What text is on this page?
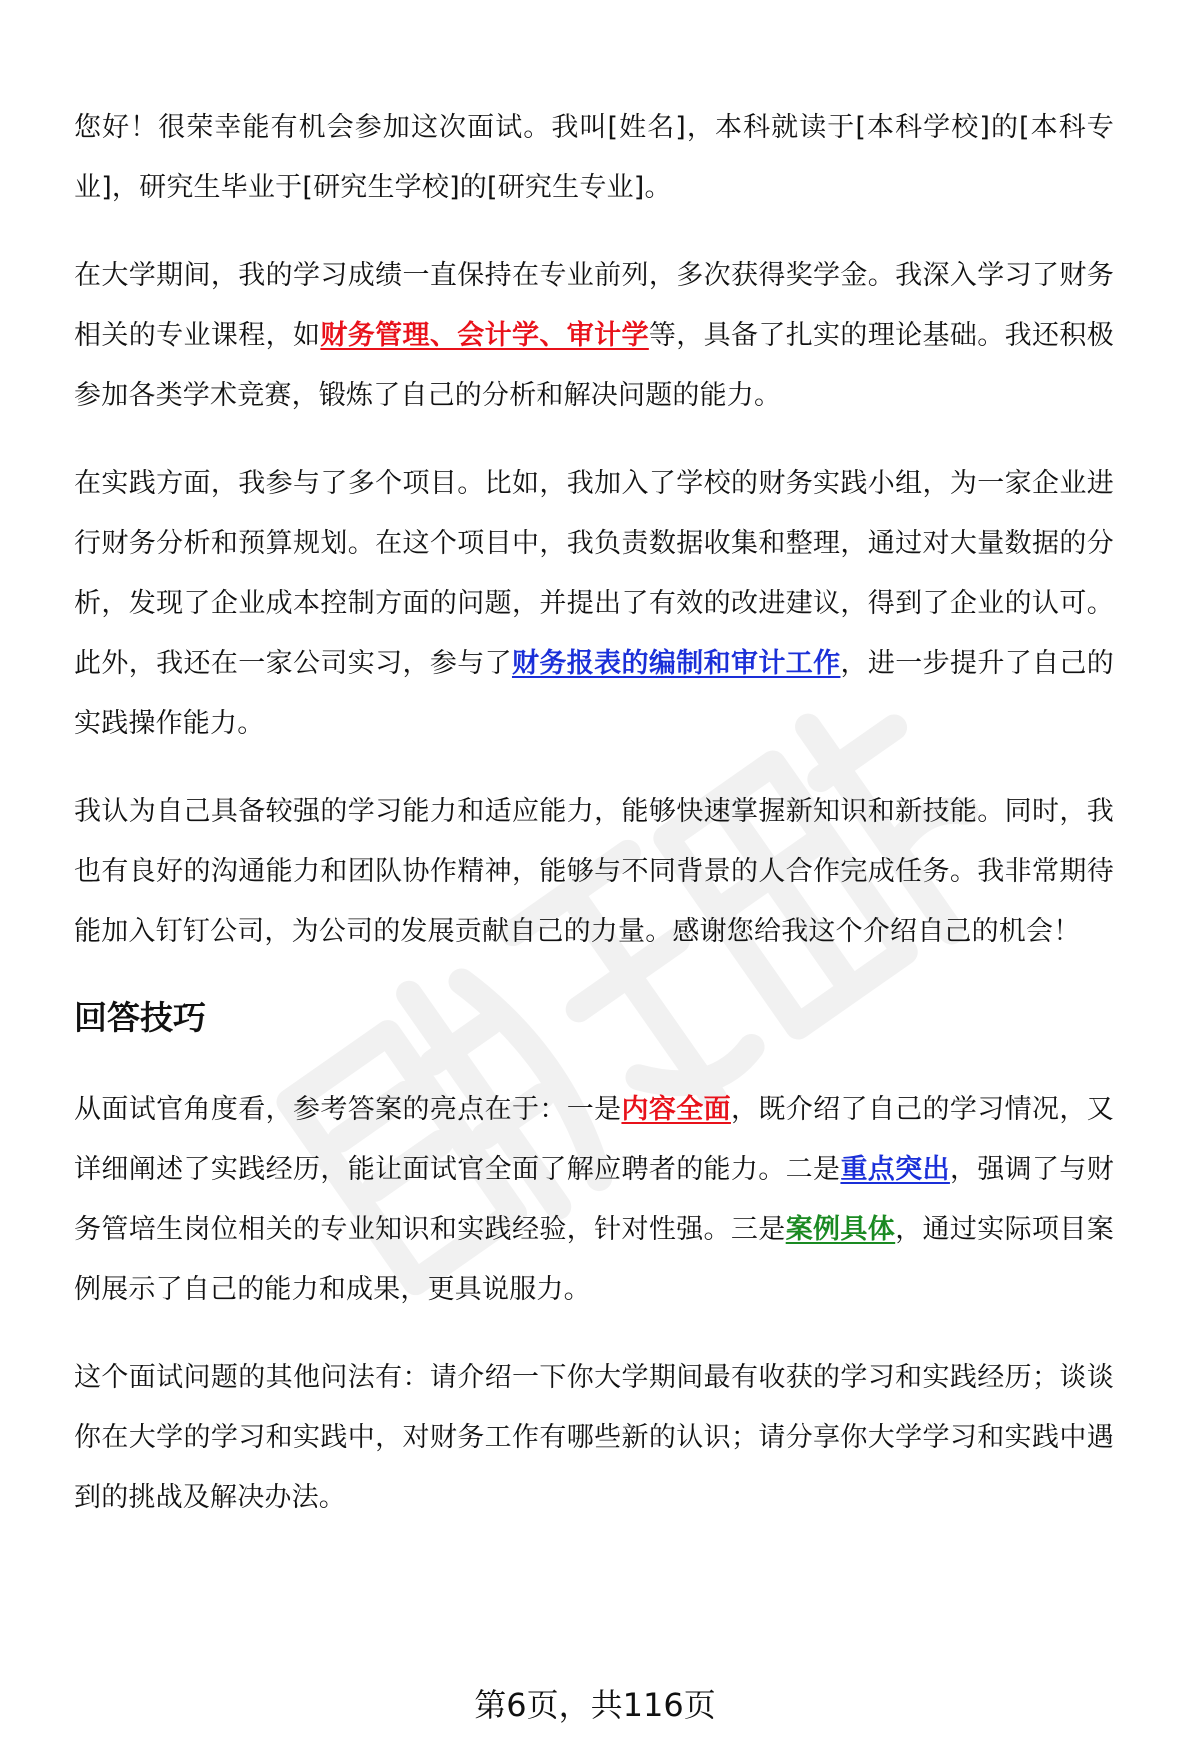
您好！很荣幸能有机会参加这次面试。我叫[姓名]，本科就读于[本科学校]的[本科专业]，研究生毕业于[研究生学校]的[研究生专业]。

在大学期间，我的学习成绩一直保持在专业前列，多次获得奖学金。我深入学习了财务相关的专业课程，如财务管理、会计学、审计学等，具备了扎实的理论基础。我还积极参加各类学术竞赛，锻炼了自己的分析和解决问题的能力。

在实践方面，我参与了多个项目。比如，我加入了学校的财务实践小组，为一家企业进行财务分析和预算规划。在这个项目中，我负责数据收集和整理，通过对大量数据的分析，发现了企业成本控制方面的问题，并提出了有效的改进建议，得到了企业的认可。此外，我还在一家公司实习，参与了财务报表的编制和审计工作，进一步提升了自己的实践操作能力。

我认为自己具备较强的学习能力和适应能力，能够快速掌握新知识和新技能。同时，我也有良好的沟通能力和团队协作精神，能够与不同背景的人合作完成任务。我非常期待能加入钉钉公司，为公司的发展贡献自己的力量。感谢您给我这个介绍自己的机会！

回答技巧

从面试官角度看，参考答案的亮点在于：一是内容全面，既介绍了自己的学习情况，又详细阐述了实践经历，能让面试官全面了解应聘者的能力。二是重点突出，强调了与财务管培生岗位相关的专业知识和实践经验，针对性强。三是案例具体，通过实际项目案例展示了自己的能力和成果，更具说服力。

这个面试问题的其他问法有：请介绍一下你大学期间最有收获的学习和实践经历；谈谈你在大学的学习和实践中，对财务工作有哪些新的认识；请分享你大学学习和实践中遇到的挑战及解决办法。

第6页，共116页
